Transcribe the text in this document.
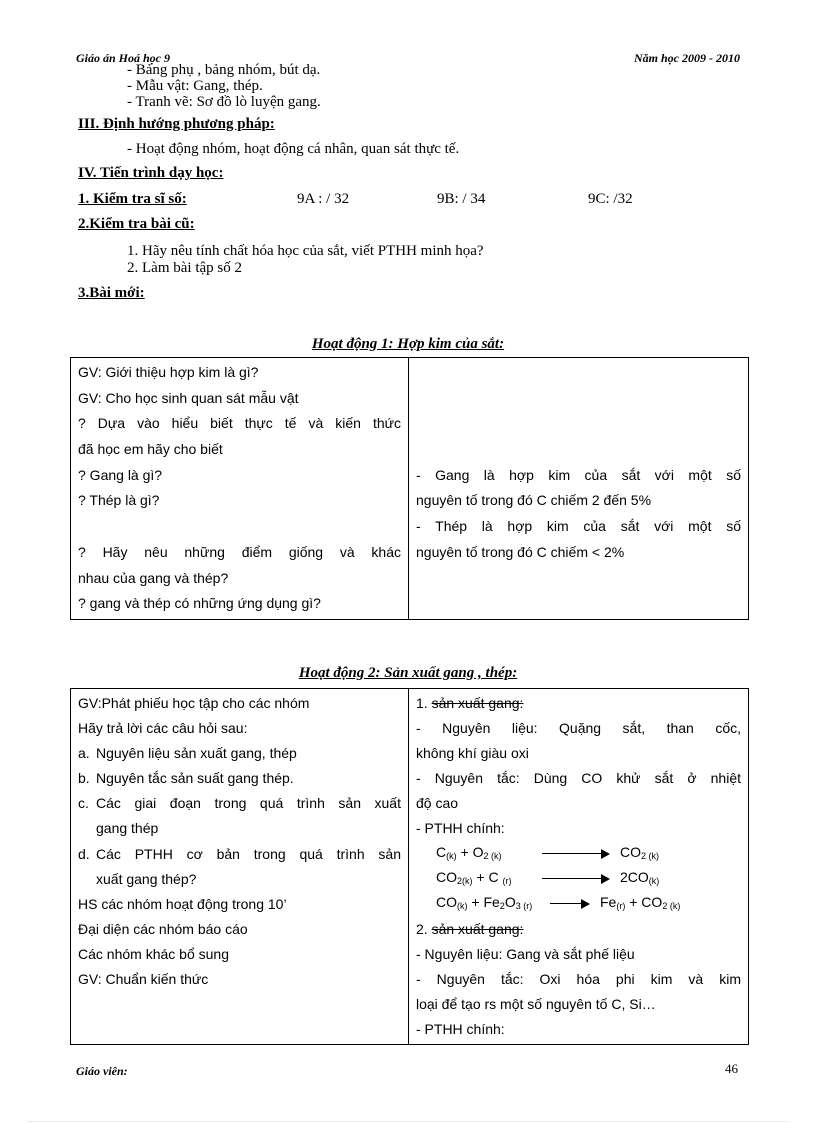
Giáo án Hoá học 9	Năm học 2009 - 2010
- Bảng phụ , bảng nhóm, bút dạ.
- Mẫu vật: Gang, thép.
- Tranh vẽ: Sơ đồ lò luyện gang.
III. Định hướng phương pháp:
- Hoạt động nhóm, hoạt động cá nhân, quan sát thực tế.
IV. Tiến trình dạy học:
1. Kiểm tra sĩ số:	9A : / 32	9B: / 34	9C: /32
2.Kiểm tra bài cũ:
1. Hãy nêu tính chất hóa học của sắt, viết PTHH minh họa?
2. Làm bài tập số 2
3.Bài mới:
Hoạt động 1: Hợp kim của sắt:
GV: Giới thiệu hợp kim là gì?
GV: Cho học sinh quan sát mẫu vật
? Dựa vào hiểu biết thực tế và kiến thức
đã học em hãy cho biết
? Gang là gì?
? Thép là gì?
? Hãy nêu những điểm giống và khác
nhau của gang và thép?
? gang và thép có những ứng dụng gì?

- Gang là hợp kim của sắt với một số
nguyên tố trong đó C chiếm 2 đến 5%
- Thép là hợp kim của sắt với một số
nguyên tố trong đó C chiếm < 2%
Hoạt động 2: Sản xuất gang , thép:
GV:Phát phiếu học tập cho các nhóm
Hãy trả lời các câu hỏi sau:
a. Nguyên liệu sản xuất gang, thép
b. Nguyên tắc sản suất gang thép.
c. Các giai đoạn trong quá trình sản xuất
gang thép
d. Các PTHH cơ bản trong quá trình sản
xuất gang thép?
HS các nhóm hoạt động trong 10’
Đại diện các nhóm báo cáo
Các nhóm khác bổ sung
GV: Chuẩn kiến thức

1. sản xuất gang:
- Nguyên liệu: Quặng sắt, than cốc,
không khí giàu oxi
- Nguyên tắc: Dùng CO khử sắt ở nhiệt
độ cao
- PTHH chính:
$C_{(k)} + O_{2 (k)}$	$CO_{2 (k)}$
$CO_{2(k)} + C$ $_{(r)}$	$2CO_{(k)}$
$CO_{(k)} + Fe_2O_{3 (r)}$	$Fe_{(r)} + CO_{2 (k)}$
2. sản xuất gang:
- Nguyên liệu: Gang và sắt phế liệu
- Nguyên tắc: Oxi hóa phi kim và kim
loại để tạo rs một số nguyên tố C, Si…
- PTHH chính:
Giáo viên:	46
